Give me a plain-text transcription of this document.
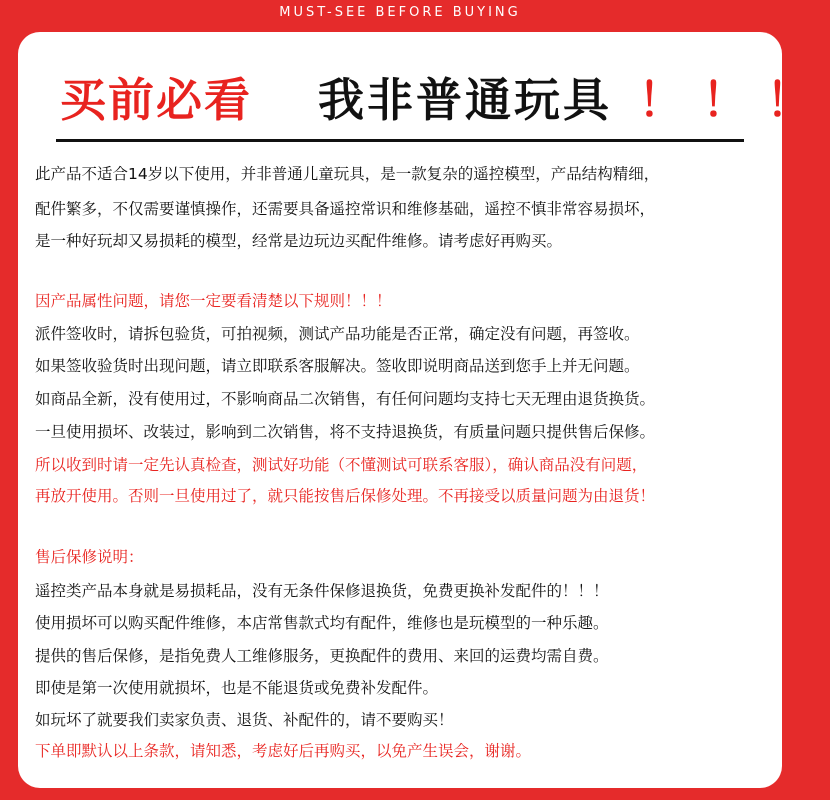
MUST-SEE BEFORE BUYING
买前必看 我非普通玩具 ！！！
此产品不适合14岁以下使用，并非普通儿童玩具，是一款复杂的遥控模型，产品结构精细，
配件繁多，不仅需要谨慎操作，还需要具备遥控常识和维修基础，遥控不慎非常容易损坏，
是一种好玩却又易损耗的模型，经常是边玩边买配件维修。请考虑好再购买。
因产品属性问题，请您一定要看清楚以下规则！！！
派件签收时，请拆包验货，可拍视频，测试产品功能是否正常，确定没有问题，再签收。
如果签收验货时出现问题，请立即联系客服解决。签收即说明商品送到您手上并无问题。
如商品全新，没有使用过，不影响商品二次销售，有任何问题均支持七天无理由退货换货。
一旦使用损坏、改装过，影响到二次销售，将不支持退换货，有质量问题只提供售后保修。
所以收到时请一定先认真检查，测试好功能（不懂测试可联系客服），确认商品没有问题，
再放开使用。否则一旦使用过了，就只能按售后保修处理。不再接受以质量问题为由退货！
售后保修说明：
遥控类产品本身就是易损耗品，没有无条件保修退换货，免费更换补发配件的！！！
使用损坏可以购买配件维修，本店常售款式均有配件，维修也是玩模型的一种乐趣。
提供的售后保修，是指免费人工维修服务，更换配件的费用、来回的运费均需自费。
即使是第一次使用就损坏，也是不能退货或免费补发配件。
如玩坏了就要我们卖家负责、退货、补配件的，请不要购买！
下单即默认以上条款，请知悉，考虑好后再购买，以免产生误会，谢谢。
